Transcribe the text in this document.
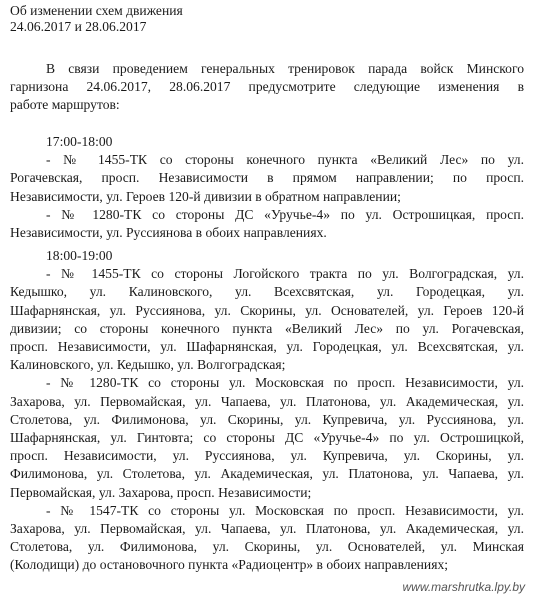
Об изменении схем движения
24.06.2017 и 28.06.2017
В связи проведением генеральных тренировок парада войск Минского
гарнизона 24.06.2017, 28.06.2017 предусмотрите следующие изменения в
работе маршрутов:
17:00-18:00
- № 1455-ТК со стороны конечного пункта «Великий Лес» по ул.
Рогачевская, просп. Независимости в прямом направлении; по просп.
Независимости, ул. Героев 120-й дивизии в обратном направлении;
- № 1280-ТК со стороны ДС «Уручье-4» по ул. Острошицкая, просп.
Независимости, ул. Руссиянова в обоих направлениях.
18:00-19:00
- № 1455-ТК со стороны Логойского тракта по ул. Волгоградская, ул.
Кедышко, ул. Калиновского, ул. Всехсвятская, ул. Городецкая, ул.
Шафарнянская, ул. Руссиянова, ул. Скорины, ул. Основателей, ул. Героев 120-й
дивизии; со стороны конечного пункта «Великий Лес» по ул. Рогачевская,
просп. Независимости, ул. Шафарнянская, ул. Городецкая, ул. Всехсвятская, ул.
Калиновского, ул. Кедышко, ул. Волгоградская;
- № 1280-ТК со стороны ул. Московская по просп. Независимости, ул.
Захарова, ул. Первомайская, ул. Чапаева, ул. Платонова, ул. Академическая, ул.
Столетова, ул. Филимонова, ул. Скорины, ул. Купревича, ул. Руссиянова, ул.
Шафарнянская, ул. Гинтовта; со стороны ДС «Уручье-4» по ул. Острошицкой,
просп. Независимости, ул. Руссиянова, ул. Купревича, ул. Скорины, ул.
Филимонова, ул. Столетова, ул. Академическая, ул. Платонова, ул. Чапаева, ул.
Первомайская, ул. Захарова, просп. Независимости;
- № 1547-ТК со стороны ул. Московская по просп. Независимости, ул.
Захарова, ул. Первомайская, ул. Чапаева, ул. Платонова, ул. Академическая, ул.
Столетова, ул. Филимонова, ул. Скорины, ул. Основателей, ул. Минская
(Колодищи) до остановочного пункта «Радиоцентр» в обоих направлениях;
www.marshrutka.lpy.by
